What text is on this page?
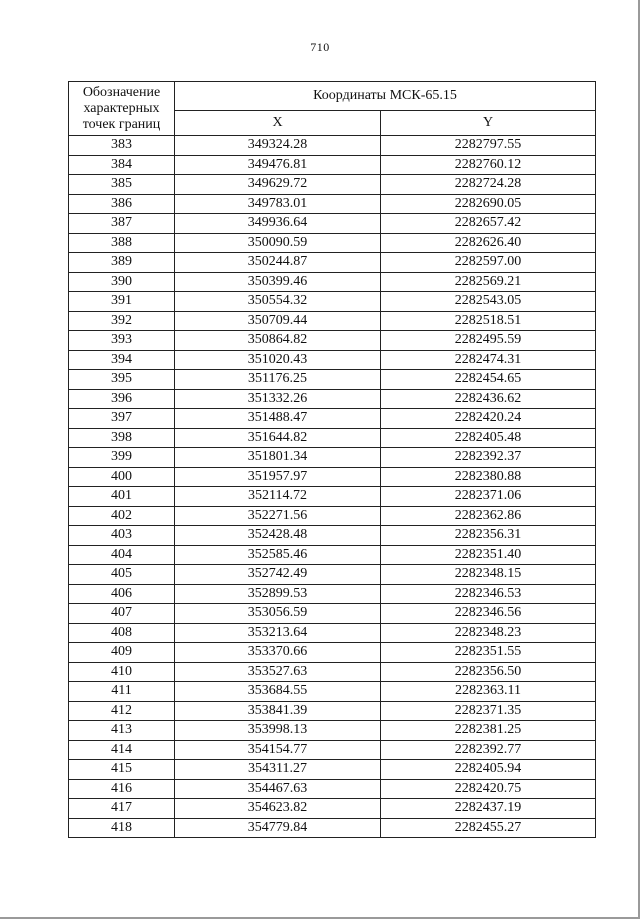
710
Обозначение
характерных
точек границ	Координаты МСК-65.15	
	X	Y
383	349324.28	2282797.55
384	349476.81	2282760.12
385	349629.72	2282724.28
386	349783.01	2282690.05
387	349936.64	2282657.42
388	350090.59	2282626.40
389	350244.87	2282597.00
390	350399.46	2282569.21
391	350554.32	2282543.05
392	350709.44	2282518.51
393	350864.82	2282495.59
394	351020.43	2282474.31
395	351176.25	2282454.65
396	351332.26	2282436.62
397	351488.47	2282420.24
398	351644.82	2282405.48
399	351801.34	2282392.37
400	351957.97	2282380.88
401	352114.72	2282371.06
402	352271.56	2282362.86
403	352428.48	2282356.31
404	352585.46	2282351.40
405	352742.49	2282348.15
406	352899.53	2282346.53
407	353056.59	2282346.56
408	353213.64	2282348.23
409	353370.66	2282351.55
410	353527.63	2282356.50
411	353684.55	2282363.11
412	353841.39	2282371.35
413	353998.13	2282381.25
414	354154.77	2282392.77
415	354311.27	2282405.94
416	354467.63	2282420.75
417	354623.82	2282437.19
418	354779.84	2282455.27
